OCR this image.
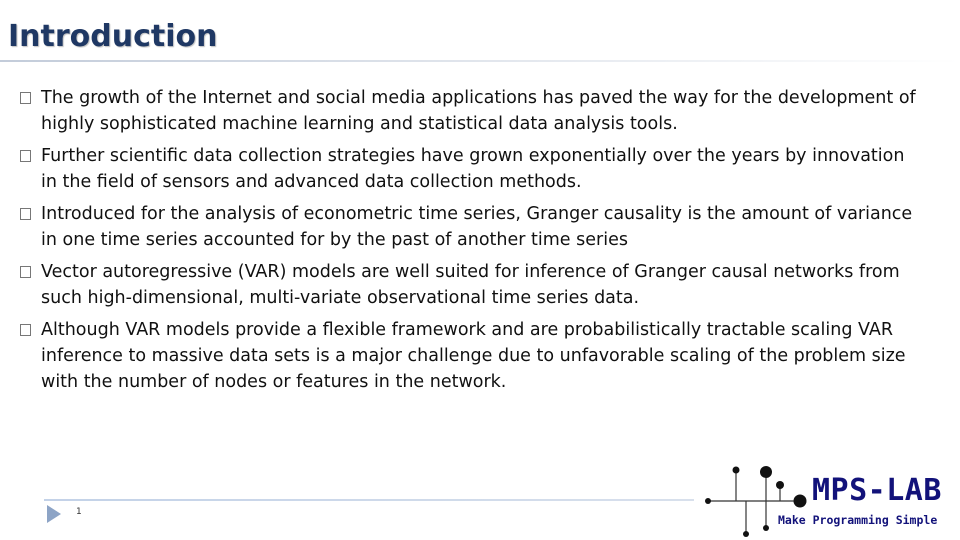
Introduction
The growth of the Internet and social media applications has paved the way for the development of highly sophisticated machine learning and statistical data analysis tools.
Further scientific data collection strategies have grown exponentially over the years by innovation in the field of sensors and advanced data collection methods.
Introduced for the analysis of econometric time series, Granger causality is the amount of variance in one time series accounted for by the past of another time series
Vector autoregressive (VAR) models are well suited for inference of Granger causal networks from such high-dimensional, multi-variate observational time series data.
Although VAR models provide a flexible framework and are probabilistically tractable scaling VAR inference to massive data sets is a major challenge due to unfavorable scaling of the problem size with the number of nodes or features in the network.
1
MPS-LAB
Make Programming Simple
